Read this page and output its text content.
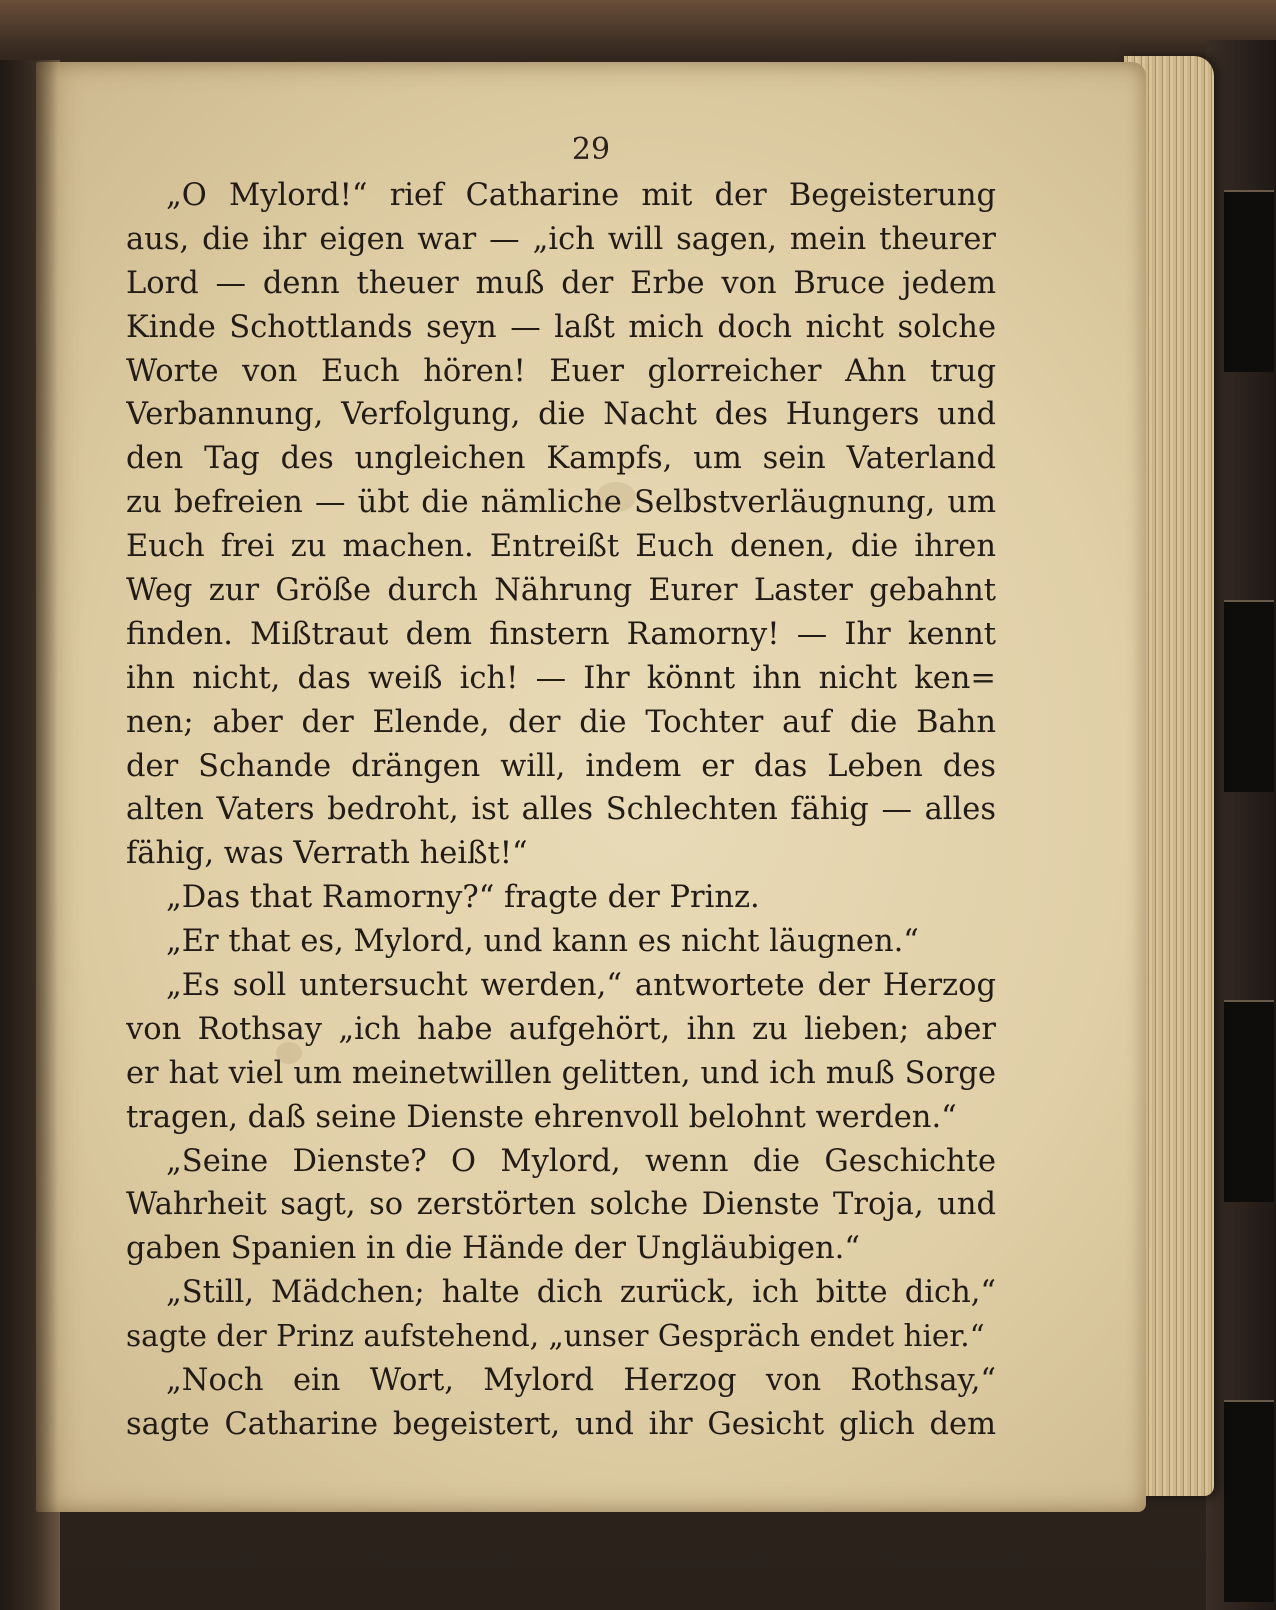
29

„O Mylord!“ rief Catharine mit der Begeisterung
aus, die ihr eigen war — „ich will sagen, mein theurer
Lord — denn theuer muß der Erbe von Bruce jedem
Kinde Schottlands seyn — laßt mich doch nicht solche
Worte von Euch hören! Euer glorreicher Ahn trug
Verbannung, Verfolgung, die Nacht des Hungers und
den Tag des ungleichen Kampfs, um sein Vaterland
zu befreien — übt die nämliche Selbstverläugnung, um
Euch frei zu machen. Entreißt Euch denen, die ihren
Weg zur Größe durch Nährung Eurer Laster gebahnt
finden. Mißtraut dem finstern Ramorny! — Ihr kennt
ihn nicht, das weiß ich! — Ihr könnt ihn nicht ken=
nen; aber der Elende, der die Tochter auf die Bahn
der Schande drängen will, indem er das Leben des
alten Vaters bedroht, ist alles Schlechten fähig — alles
fähig, was Verrath heißt!“
„Das that Ramorny?“ fragte der Prinz.
„Er that es, Mylord, und kann es nicht läugnen.“
„Es soll untersucht werden,“ antwortete der Herzog
von Rothsay „ich habe aufgehört, ihn zu lieben; aber
er hat viel um meinetwillen gelitten, und ich muß Sorge
tragen, daß seine Dienste ehrenvoll belohnt werden.“
„Seine Dienste? O Mylord, wenn die Geschichte
Wahrheit sagt, so zerstörten solche Dienste Troja, und
gaben Spanien in die Hände der Ungläubigen.“
„Still, Mädchen; halte dich zurück, ich bitte dich,“
sagte der Prinz aufstehend, „unser Gespräch endet hier.“
„Noch ein Wort, Mylord Herzog von Rothsay,“
sagte Catharine begeistert, und ihr Gesicht glich dem
